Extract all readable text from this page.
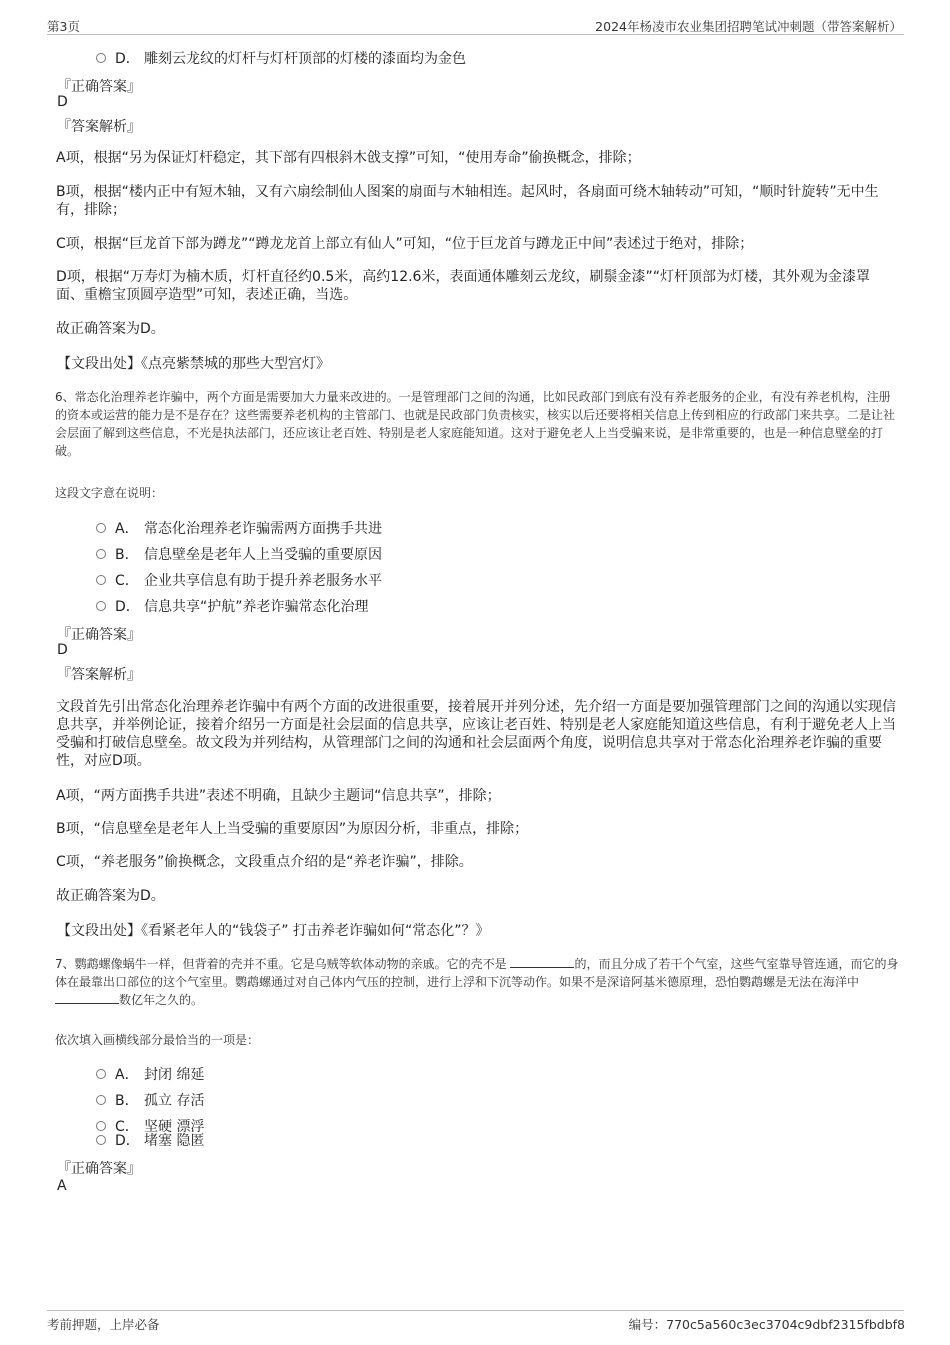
第3页	2024年杨凌市农业集团招聘笔试冲刺题（带答案解析）
D． 雕刻云龙纹的灯杆与灯杆顶部的灯楼的漆面均为金色
『正确答案』
D
『答案解析』
A项，根据“另为保证灯杆稳定，其下部有四根斜木戗支撑”可知，“使用寿命”偷换概念，排除；
B项，根据“楼内正中有短木轴，又有六扇绘制仙人图案的扇面与木轴相连。起风时，各扇面可绕木轴转动”可知，“顺时针旋转”无中生有，排除；
C项，根据“巨龙首下部为蹲龙”“蹲龙龙首上部立有仙人”可知，“位于巨龙首与蹲龙正中间”表述过于绝对，排除；
D项，根据“万寿灯为楠木质，灯杆直径约0.5米，高约12.6米，表面通体雕刻云龙纹，刷鬃金漆”“灯杆顶部为灯楼，其外观为金漆罩面、重檐宝顶圆亭造型”可知，表述正确，当选。
故正确答案为D。
【文段出处】《点亮紫禁城的那些大型宫灯》
6、常态化治理养老诈骗中，两个方面是需要加大力量来改进的。一是管理部门之间的沟通，比如民政部门到底有没有养老服务的企业，有没有养老机构，注册的资本或运营的能力是不是存在？这些需要养老机构的主管部门、也就是民政部门负责核实，核实以后还要将相关信息上传到相应的行政部门来共享。二是让社会层面了解到这些信息，不光是执法部门，还应该让老百姓、特别是老人家庭能知道。这对于避免老人上当受骗来说，是非常重要的，也是一种信息壁垒的打破。
这段文字意在说明：
A． 常态化治理养老诈骗需两方面携手共进
B． 信息壁垒是老年人上当受骗的重要原因
C． 企业共享信息有助于提升养老服务水平
D． 信息共享“护航”养老诈骗常态化治理
『正确答案』
D
『答案解析』
文段首先引出常态化治理养老诈骗中有两个方面的改进很重要，接着展开并列分述，先介绍一方面是要加强管理部门之间的沟通以实现信息共享，并举例论证，接着介绍另一方面是社会层面的信息共享，应该让老百姓、特别是老人家庭能知道这些信息，有利于避免老人上当受骗和打破信息壁垒。故文段为并列结构，从管理部门之间的沟通和社会层面两个角度，说明信息共享对于常态化治理养老诈骗的重要性，对应D项。
A项，“两方面携手共进”表述不明确，且缺少主题词“信息共享”，排除；
B项，“信息壁垒是老年人上当受骗的重要原因”为原因分析，非重点，排除；
C项，“养老服务”偷换概念，文段重点介绍的是“养老诈骗”，排除。
故正确答案为D。
【文段出处】《看紧老年人的“钱袋子” 打击养老诈骗如何“常态化”？》
7、鹦鹉螺像蜗牛一样，但背着的壳并不重。它是乌贼等软体动物的亲戚。它的壳不是	的，而且分成了若干个气室，这些气室靠导管连通，而它的身体在最靠出口部位的这个气室里。鹦鹉螺通过对自己体内气压的控制，进行上浮和下沉等动作。如果不是深谙阿基米德原理，恐怕鹦鹉螺是无法在海洋中 数亿年之久的。
依次填入画横线部分最恰当的一项是：
A． 封闭 绵延
B． 孤立 存活
C． 坚硬 漂浮
D． 堵塞 隐匿
『正确答案』
A
考前押题，上岸必备	编号：770c5a560c3ec3704c9dbf2315fbdbf8
